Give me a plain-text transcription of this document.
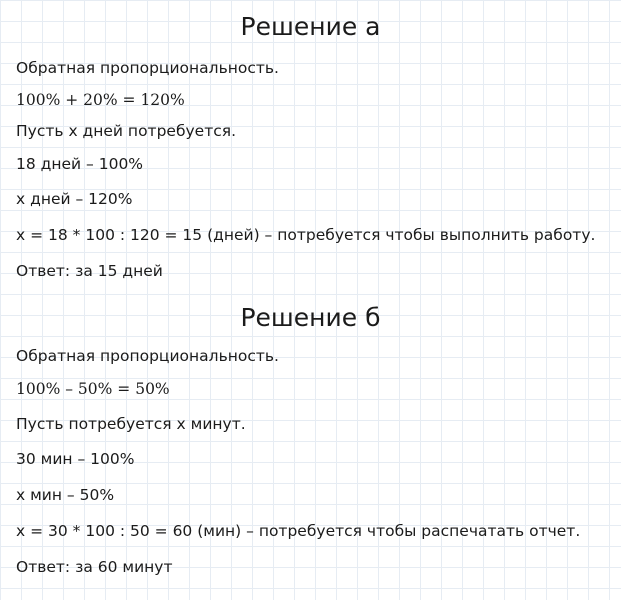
Решение а
Обратная пропорциональность.
100% + 20% = 120%
Пусть x дней потребуется.
18 дней – 100%
x дней – 120%
x = 18 * 100 : 120 = 15 (дней) – потребуется чтобы выполнить работу.
Ответ: за 15 дней
Решение б
Обратная пропорциональность.
100% – 50% = 50%
Пусть потребуется x минут.
30 мин – 100%
x мин – 50%
x = 30 * 100 : 50 = 60 (мин) – потребуется чтобы распечатать отчет.
Ответ: за 60 минут
